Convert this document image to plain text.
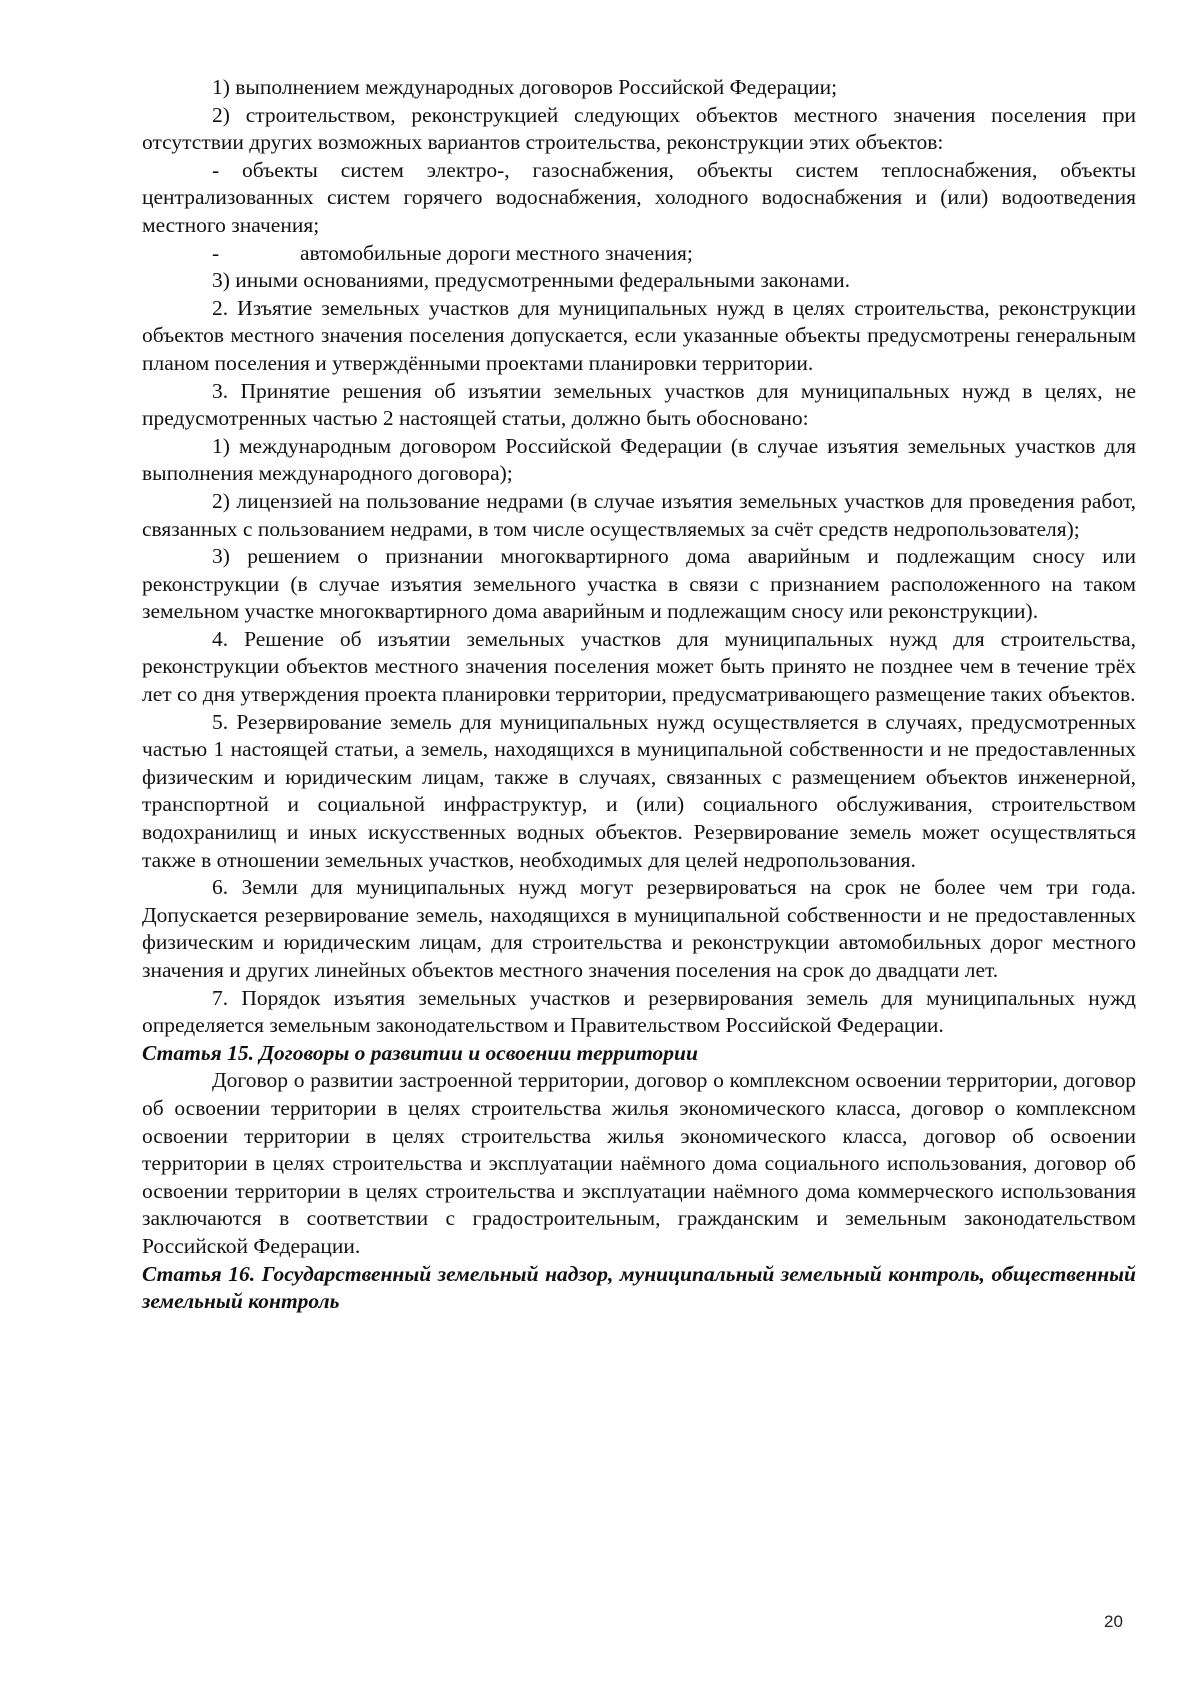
1) выполнением международных договоров Российской Федерации;

2) строительством, реконструкцией следующих объектов местного значения поселения при отсутствии других возможных вариантов строительства, реконструкции этих объектов:

- объекты систем электро-, газоснабжения, объекты систем теплоснабжения, объекты централизованных систем горячего водоснабжения, холодного водоснабжения и (или) водоотведения местного значения;

-	автомобильные дороги местного значения;

3) иными основаниями, предусмотренными федеральными законами.

2. Изъятие земельных участков для муниципальных нужд в целях строительства, реконструкции объектов местного значения поселения допускается, если указанные объекты предусмотрены генеральным планом поселения и утверждёнными проектами планировки территории.

3. Принятие решения об изъятии земельных участков для муниципальных нужд в целях, не предусмотренных частью 2 настоящей статьи, должно быть обосновано:

1) международным договором Российской Федерации (в случае изъятия земельных участков для выполнения международного договора);

2) лицензией на пользование недрами (в случае изъятия земельных участков для проведения работ, связанных с пользованием недрами, в том числе осуществляемых за счёт средств недропользователя);

3) решением о признании многоквартирного дома аварийным и подлежащим сносу или реконструкции (в случае изъятия земельного участка в связи с признанием расположенного на таком земельном участке многоквартирного дома аварийным и подлежащим сносу или реконструкции).

4. Решение об изъятии земельных участков для муниципальных нужд для строительства, реконструкции объектов местного значения поселения может быть принято не позднее чем в течение трёх лет со дня утверждения проекта планировки территории, предусматривающего размещение таких объектов.

5. Резервирование земель для муниципальных нужд осуществляется в случаях, предусмотренных частью 1 настоящей статьи, а земель, находящихся в муниципальной собственности и не предоставленных физическим и юридическим лицам, также в случаях, связанных с размещением объектов инженерной, транспортной и социальной инфраструктур, и (или) социального обслуживания, строительством водохранилищ и иных искусственных водных объектов. Резервирование земель может осуществляться также в отношении земельных участков, необходимых для целей недропользования.

6. Земли для муниципальных нужд могут резервироваться на срок не более чем три года. Допускается резервирование земель, находящихся в муниципальной собственности и не предоставленных физическим и юридическим лицам, для строительства и реконструкции автомобильных дорог местного значения и других линейных объектов местного значения поселения на срок до двадцати лет.

7. Порядок изъятия земельных участков и резервирования земель для муниципальных нужд определяется земельным законодательством и Правительством Российской Федерации.

Статья 15. Договоры о развитии и освоении территории

Договор о развитии застроенной территории, договор о комплексном освоении территории, договор об освоении территории в целях строительства жилья экономического класса, договор о комплексном освоении территории в целях строительства жилья экономического класса, договор об освоении территории в целях строительства и эксплуатации наёмного дома социального использования, договор об освоении территории в целях строительства и эксплуатации наёмного дома коммерческого использования заключаются в соответствии с градостроительным, гражданским и земельным законодательством Российской Федерации.

Статья 16. Государственный земельный надзор, муниципальный земельный контроль, общественный земельный контроль

20
